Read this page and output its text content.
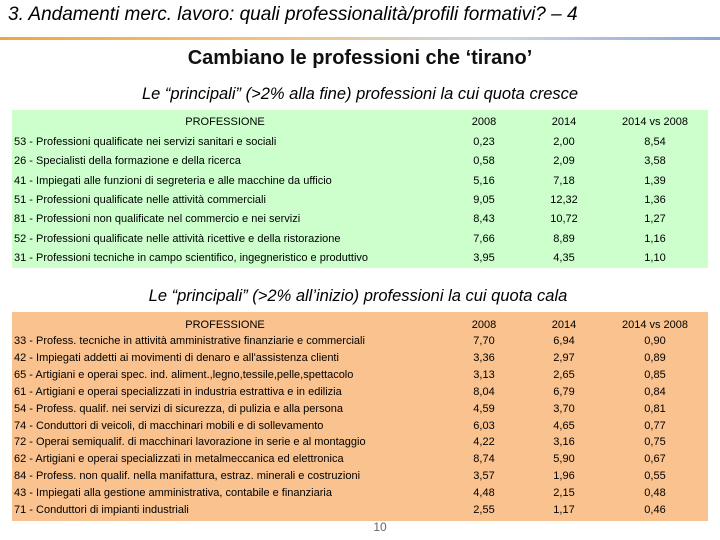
3. Andamenti merc. lavoro: quali professionalità/profili formativi? – 4
Cambiano le professioni che ‘tirano’
Le “principali” (>2% alla fine) professioni la cui quota cresce
PROFESSIONE	2008	2014	2014 vs 2008
53 - Professioni qualificate nei servizi sanitari e sociali	0,23	2,00	8,54
26 - Specialisti della formazione e della ricerca	0,58	2,09	3,58
41 - Impiegati alle funzioni di segreteria e alle macchine da ufficio	5,16	7,18	1,39
51 - Professioni qualificate nelle attività commerciali	9,05	12,32	1,36
81 - Professioni non qualificate nel commercio e nei servizi	8,43	10,72	1,27
52 - Professioni qualificate nelle attività ricettive e della ristorazione	7,66	8,89	1,16
31 - Professioni tecniche in campo scientifico, ingegneristico e produttivo	3,95	4,35	1,10
Le “principali” (>2% all’inizio) professioni la cui quota cala
PROFESSIONE	2008	2014	2014 vs 2008
33 - Profess. tecniche in attività amministrative finanziarie e commerciali	7,70	6,94	0,90
42 - Impiegati addetti ai movimenti di denaro e all'assistenza clienti	3,36	2,97	0,89
65 - Artigiani e operai spec. ind. aliment.,legno,tessile,pelle,spettacolo	3,13	2,65	0,85
61 - Artigiani e operai specializzati in industria estrattiva e in edilizia	8,04	6,79	0,84
54 - Profess. qualif. nei servizi di sicurezza, di pulizia e alla persona	4,59	3,70	0,81
74 - Conduttori di veicoli, di macchinari mobili e di sollevamento	6,03	4,65	0,77
72 - Operai semiqualif. di macchinari lavorazione in serie e al montaggio	4,22	3,16	0,75
62 - Artigiani e operai specializzati in metalmeccanica ed elettronica	8,74	5,90	0,67
84 - Profess. non qualif. nella manifattura, estraz. minerali e costruzioni	3,57	1,96	0,55
43 - Impiegati alla gestione amministrativa, contabile e finanziaria	4,48	2,15	0,48
71 - Conduttori di impianti industriali	2,55	1,17	0,46
10
